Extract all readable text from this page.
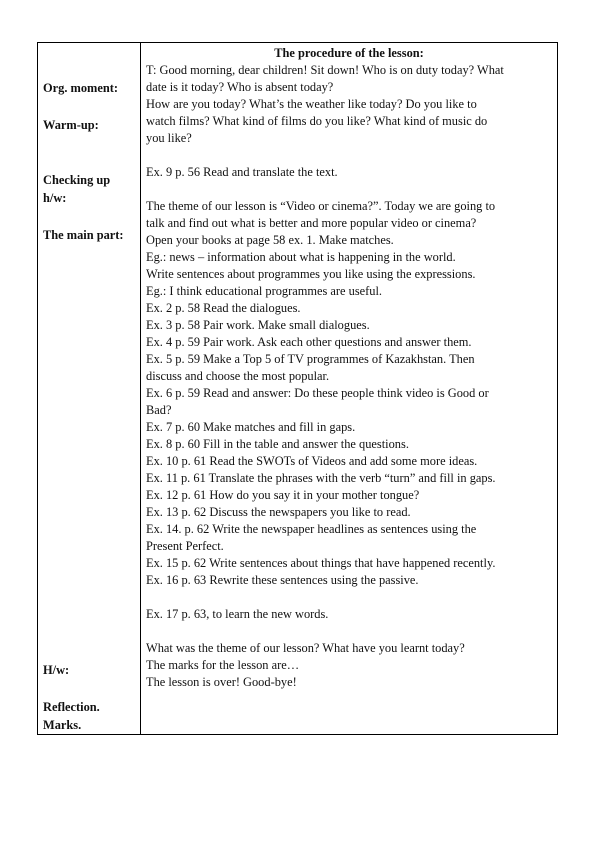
Org. moment:
Warm-up:
Checking up
h/w:
The main part:
H/w:
Reflection.
Marks.
The procedure of the lesson:
T: Good morning, dear children! Sit down! Who is on duty today? What
date is it today? Who is absent today?
How are you today? What’s the weather like today? Do you like to
watch films? What kind of films do you like? What kind of music do
you like?
Ex. 9 p. 56 Read and translate the text.
The theme of our lesson is “Video or cinema?”. Today we are going to
talk and find out what is better and more popular video or cinema?
Open your books at page 58 ex. 1. Make matches.
Eg.: news – information about what is happening in the world.
Write sentences about programmes you like using the expressions.
Eg.: I think educational programmes are useful.
Ex. 2 p. 58 Read the dialogues.
Ex. 3 p. 58 Pair work. Make small dialogues.
Ex. 4 p. 59 Pair work. Ask each other questions and answer them.
Ex. 5 p. 59 Make a Top 5 of TV programmes of Kazakhstan. Then
discuss and choose the most popular.
Ex. 6 p. 59 Read and answer: Do these people think video is Good or
Bad?
Ex. 7 p. 60 Make matches and fill in gaps.
Ex. 8 p. 60 Fill in the table and answer the questions.
Ex. 10 p. 61 Read the SWOTs of Videos and add some more ideas.
Ex. 11 p. 61 Translate the phrases with the verb “turn” and fill in gaps.
Ex. 12 p. 61 How do you say it in your mother tongue?
Ex. 13 p. 62 Discuss the newspapers you like to read.
Ex. 14. p. 62 Write the newspaper headlines as sentences using the
Present Perfect.
Ex. 15 p. 62 Write sentences about things that have happened recently.
Ex. 16 p. 63 Rewrite these sentences using the passive.
Ex. 17 p. 63, to learn the new words.
What was the theme of our lesson? What have you learnt today?
The marks for the lesson are…
The lesson is over! Good-bye!
